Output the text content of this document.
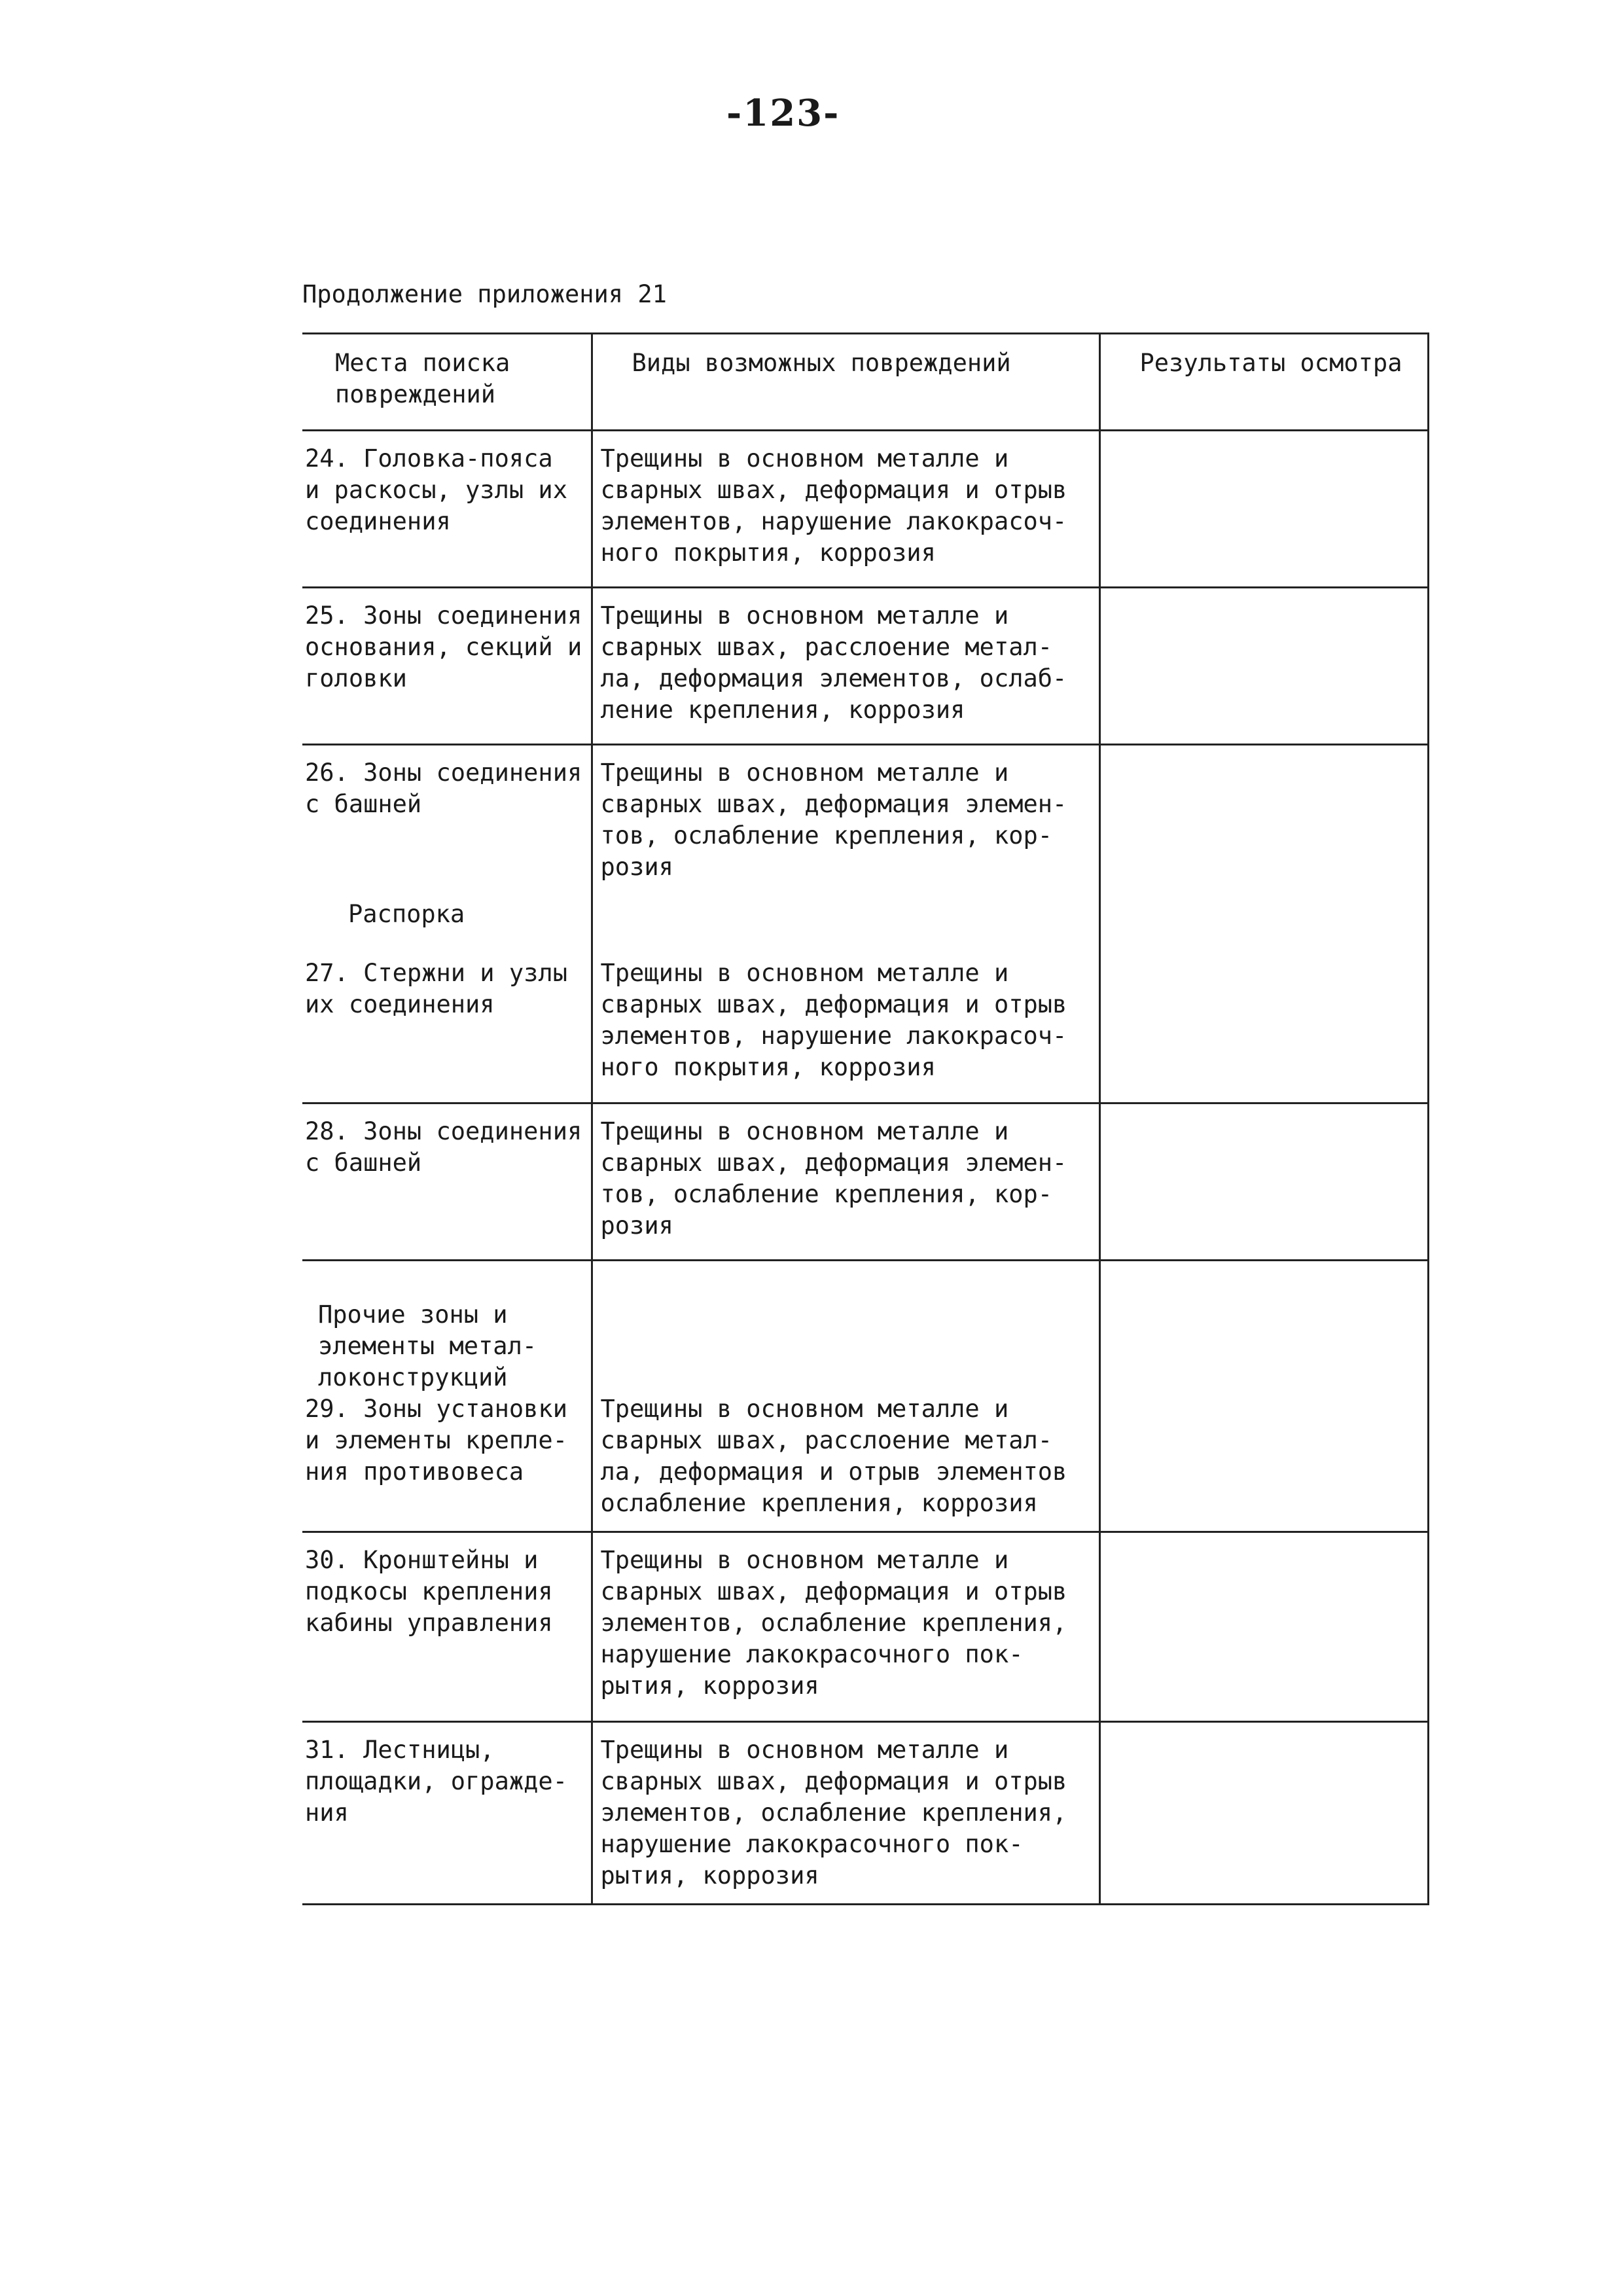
-123-
Продолжение приложения 21
Места поиска
повреждений	Виды возможных повреждений	Результаты осмотра
24. Головка-пояса
и раскосы, узлы их
соединения	Трещины в основном металле и
сварных швах, деформация и отрыв
элементов, нарушение лакокрасоч-
ного покрытия, коррозия	
25. Зоны соединения
основания, секций и
головки	Трещины в основном металле и
сварных швах, расслоение метал-
ла, деформация элементов, ослаб-
ление крепления, коррозия	
26. Зоны соединения
с башней	Трещины в основном металле и
сварных швах, деформация элемен-
тов, ослабление крепления, кор-
розия	
Распорка		
27. Стержни и узлы
их соединения	Трещины в основном металле и
сварных швах, деформация и отрыв
элементов, нарушение лакокрасоч-
ного покрытия, коррозия	
28. Зоны соединения
с башней	Трещины в основном металле и
сварных швах, деформация элемен-
тов, ослабление крепления, кор-
розия	
Прочие зоны и
элементы метал-
локонструкций		
29. Зоны установки
и элементы крепле-
ния противовеса	Трещины в основном металле и
сварных швах, расслоение метал-
ла, деформация и отрыв элементов
ослабление крепления, коррозия	
30. Кронштейны и
подкосы крепления
кабины управления	Трещины в основном металле и
сварных швах, деформация и отрыв
элементов, ослабление крепления,
нарушение лакокрасочного пок-
рытия, коррозия	
31. Лестницы,
площадки, огражде-
ния	Трещины в основном металле и
сварных швах, деформация и отрыв
элементов, ослабление крепления,
нарушение лакокрасочного пок-
рытия, коррозия	
